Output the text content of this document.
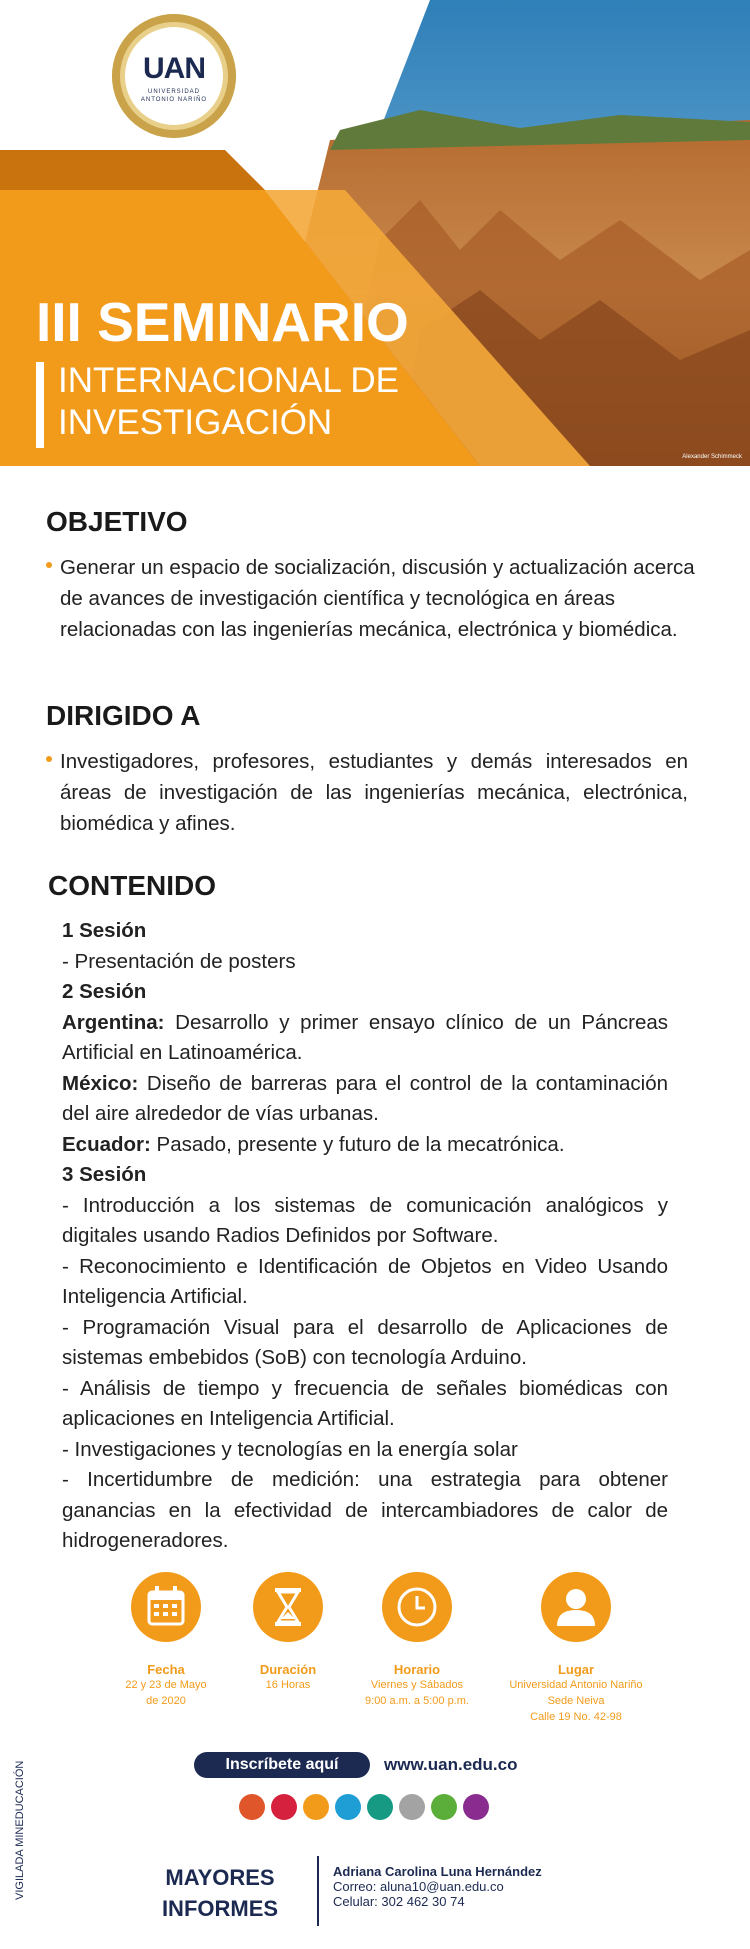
UAN
UNIVERSIDAD ANTONIO NARIÑO
III SEMINARIO
INTERNACIONAL DE
INVESTIGACIÓN
Alexander Schimmeck
OBJETIVO
Generar un espacio de socialización, discusión y actualización acerca de avances de investigación científica y tecnológica en áreas relacionadas con las ingenierías mecánica, electrónica y biomédica.
DIRIGIDO A
Investigadores, profesores, estudiantes y demás interesados en áreas de investigación de las ingenierías mecánica, electrónica, biomédica y afines.
CONTENIDO

1 Sesión

- Presentación de posters

2 Sesión

Argentina: Desarrollo y primer ensayo clínico de un Páncreas Artificial en Latinoamérica.

México: Diseño de barreras para el control de la contaminación del aire alrededor de vías urbanas.

Ecuador: Pasado, presente y futuro de la mecatrónica.

3 Sesión

- Introducción a los sistemas de comunicación analógicos y digitales usando Radios Definidos por Software.

- Reconocimiento e Identificación de Objetos en Video Usando Inteligencia Artificial.

- Programación Visual para el desarrollo de Aplicaciones de sistemas embebidos (SoB) con tecnología Arduino.

- Análisis de tiempo y frecuencia de señales biomédicas con aplicaciones en Inteligencia Artificial.

- Investigaciones y tecnologías en la energía solar

- Incertidumbre de medición: una estrategia para obtener ganancias en la efectividad de intercambiadores de calor de hidrogeneradores.

Fecha
22 y 23 de Mayo
de 2020
Duración
16 Horas
Horario
Viernes y Sábados
9:00 a.m. a 5:00 p.m.
Lugar
Universidad Antonio Nariño
Sede Neiva
Calle 19 No. 42-98
VIGILADA MINEDUCACIÓN	Inscríbete aquí	www.uan.edu.co
MAYORES
INFORMES
Adriana Carolina Luna Hernández
Correo: aluna10@uan.edu.co
Celular: 302 462 30 74
